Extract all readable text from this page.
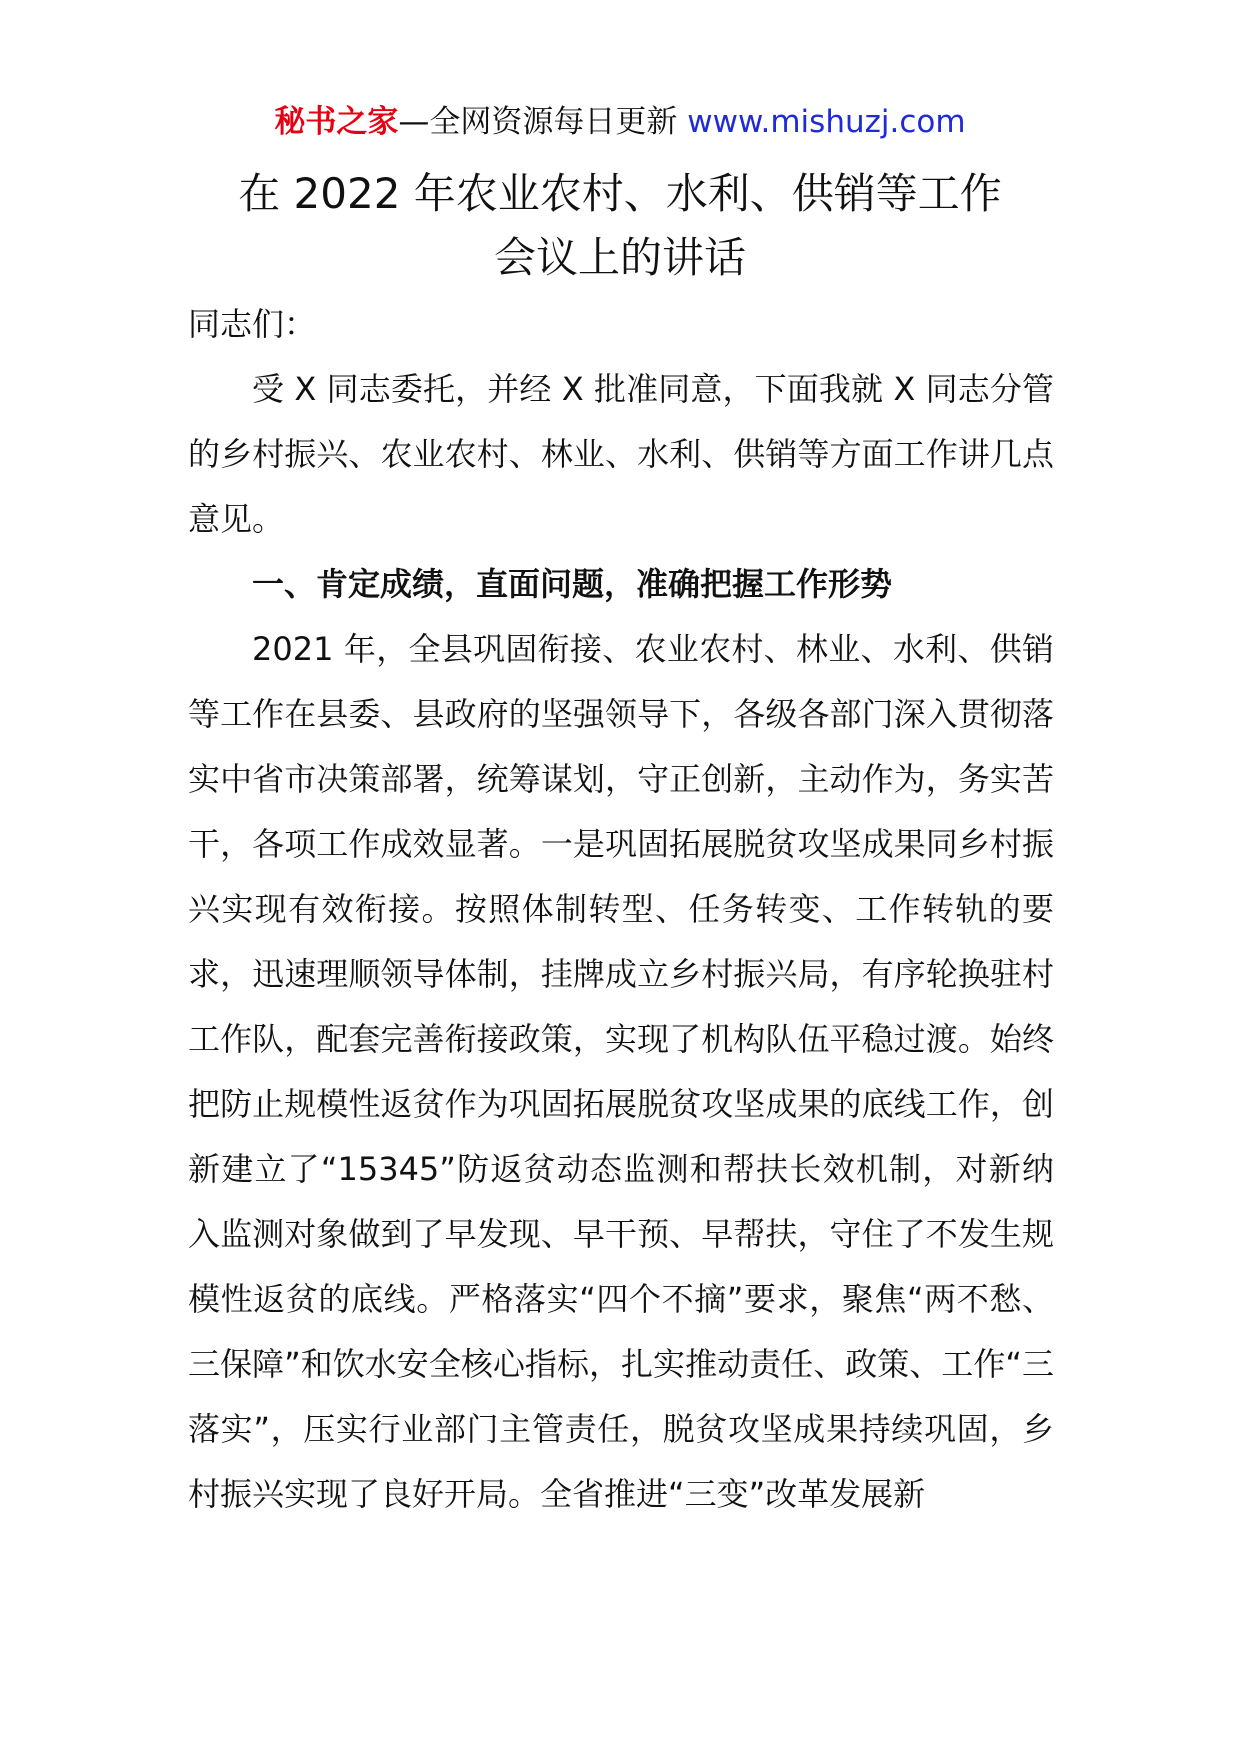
秘书之家—全网资源每日更新 www.mishuzj.com
在 2022 年农业农村、水利、供销等工作
会议上的讲话

同志们：

受 X 同志委托，并经 X 批准同意，下面我就 X 同志分管的乡村振兴、农业农村、林业、水利、供销等方面工作讲几点意见。

一、肯定成绩，直面问题，准确把握工作形势

2021 年，全县巩固衔接、农业农村、林业、水利、供销等工作在县委、县政府的坚强领导下，各级各部门深入贯彻落实中省市决策部署，统筹谋划，守正创新，主动作为，务实苦干，各项工作成效显著。一是巩固拓展脱贫攻坚成果同乡村振兴实现有效衔接。按照体制转型、任务转变、工作转轨的要求，迅速理顺领导体制，挂牌成立乡村振兴局，有序轮换驻村工作队，配套完善衔接政策，实现了机构队伍平稳过渡。始终把防止规模性返贫作为巩固拓展脱贫攻坚成果的底线工作，创新建立了“15345”防返贫动态监测和帮扶长效机制，对新纳入监测对象做到了早发现、早干预、早帮扶，守住了不发生规模性返贫的底线。严格落实“四个不摘”要求，聚焦“两不愁、三保障”和饮水安全核心指标，扎实推动责任、政策、工作“三落实”，压实行业部门主管责任，脱贫攻坚成果持续巩固，乡村振兴实现了良好开局。全省推进“三变”改革发展新
